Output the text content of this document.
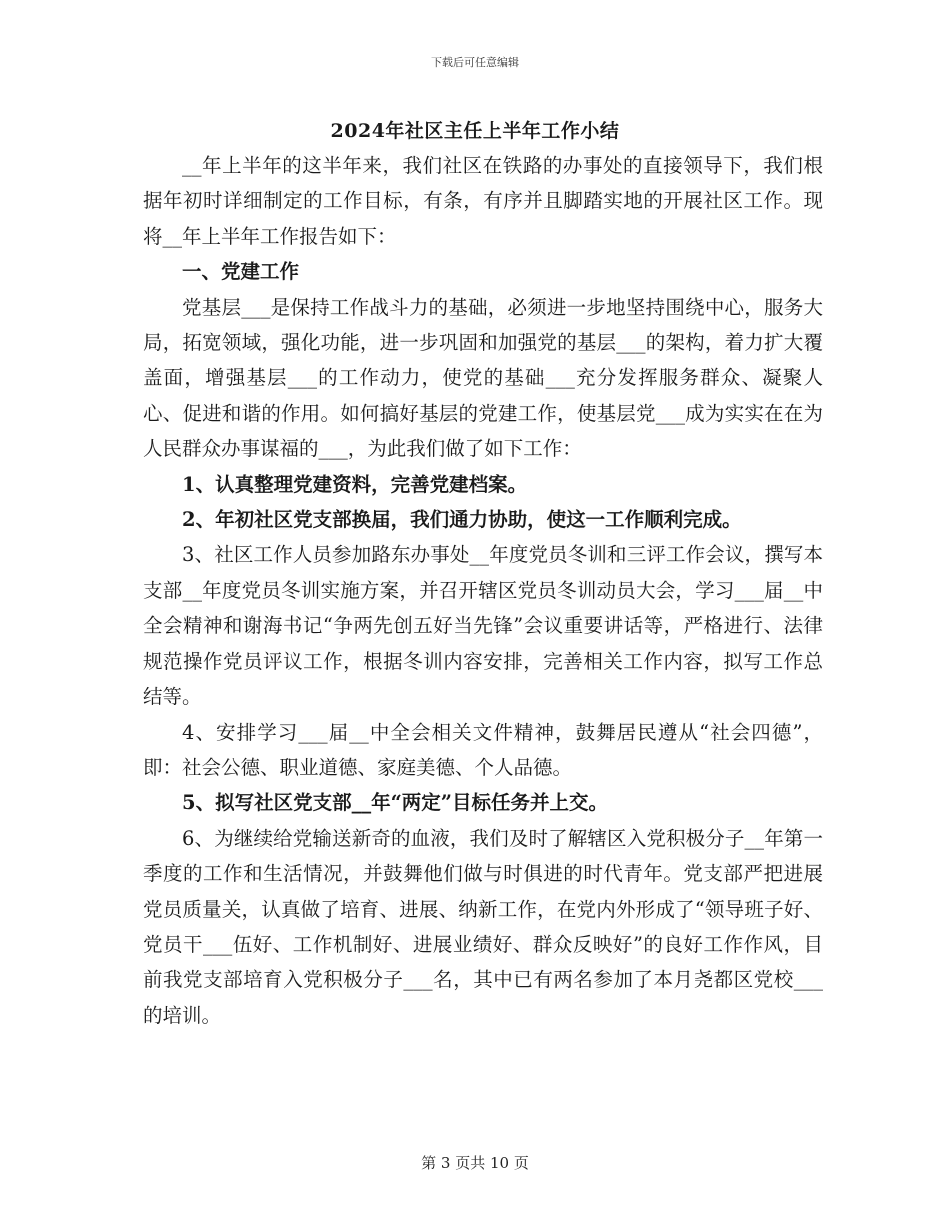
下载后可任意编辑
2024年社区主任上半年工作小结

__年上半年的这半年来，我们社区在铁路的办事处的直接领导下，我们根据年初时详细制定的工作目标，有条，有序并且脚踏实地的开展社区工作。现将__年上半年工作报告如下：

一、党建工作

党基层___是保持工作战斗力的基础，必须进一步地坚持围绕中心，服务大局，拓宽领域，强化功能，进一步巩固和加强党的基层___的架构，着力扩大覆盖面，增强基层___的工作动力，使党的基础___充分发挥服务群众、凝聚人心、促进和谐的作用。如何搞好基层的党建工作，使基层党___成为实实在在为人民群众办事谋福的___，为此我们做了如下工作：

1、认真整理党建资料，完善党建档案。

2、年初社区党支部换届，我们通力协助，使这一工作顺利完成。

3、社区工作人员参加路东办事处__年度党员冬训和三评工作会议，撰写本支部__年度党员冬训实施方案，并召开辖区党员冬训动员大会，学习___届__中全会精神和谢海书记“争两先创五好当先锋”会议重要讲话等，严格进行、法律规范操作党员评议工作，根据冬训内容安排，完善相关工作内容，拟写工作总结等。

4、安排学习___届__中全会相关文件精神，鼓舞居民遵从“社会四德”，即：社会公德、职业道德、家庭美德、个人品德。

5、拟写社区党支部__年“两定”目标任务并上交。

6、为继续给党输送新奇的血液，我们及时了解辖区入党积极分子__年第一季度的工作和生活情况，并鼓舞他们做与时俱进的时代青年。党支部严把进展党员质量关，认真做了培育、进展、纳新工作，在党内外形成了“领导班子好、党员干___伍好、工作机制好、进展业绩好、群众反映好”的良好工作作风，目前我党支部培育入党积极分子___名，其中已有两名参加了本月尧都区党校___的培训。

第 3 页共 10 页
